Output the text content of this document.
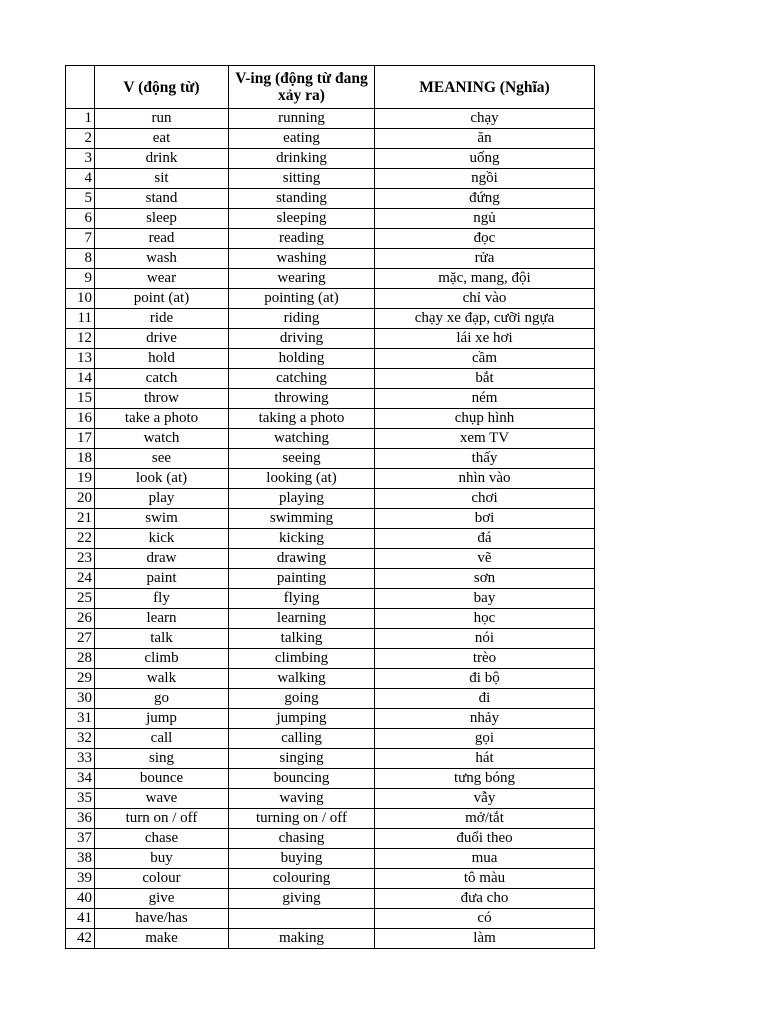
	V (động từ)	V-ing (động từ đang xảy ra)	MEANING (Nghĩa)
1	run	running	chạy
2	eat	eating	ăn
3	drink	drinking	uống
4	sit	sitting	ngồi
5	stand	standing	đứng
6	sleep	sleeping	ngủ
7	read	reading	đọc
8	wash	washing	rửa
9	wear	wearing	mặc, mang, đội
10	point (at)	pointing (at)	chỉ vào
11	ride	riding	chạy xe đạp, cưỡi ngựa
12	drive	driving	lái xe hơi
13	hold	holding	cầm
14	catch	catching	bắt
15	throw	throwing	ném
16	take a photo	taking a photo	chụp hình
17	watch	watching	xem TV
18	see	seeing	thấy
19	look (at)	looking (at)	nhìn vào
20	play	playing	chơi
21	swim	swimming	bơi
22	kick	kicking	đá
23	draw	drawing	vẽ
24	paint	painting	sơn
25	fly	flying	bay
26	learn	learning	học
27	talk	talking	nói
28	climb	climbing	trèo
29	walk	walking	đi bộ
30	go	going	đi
31	jump	jumping	nhảy
32	call	calling	gọi
33	sing	singing	hát
34	bounce	bouncing	tưng bóng
35	wave	waving	vẫy
36	turn on / off	turning on / off	mở/tắt
37	chase	chasing	đuổi theo
38	buy	buying	mua
39	colour	colouring	tô màu
40	give	giving	đưa cho
41	have/has		có
42	make	making	làm
